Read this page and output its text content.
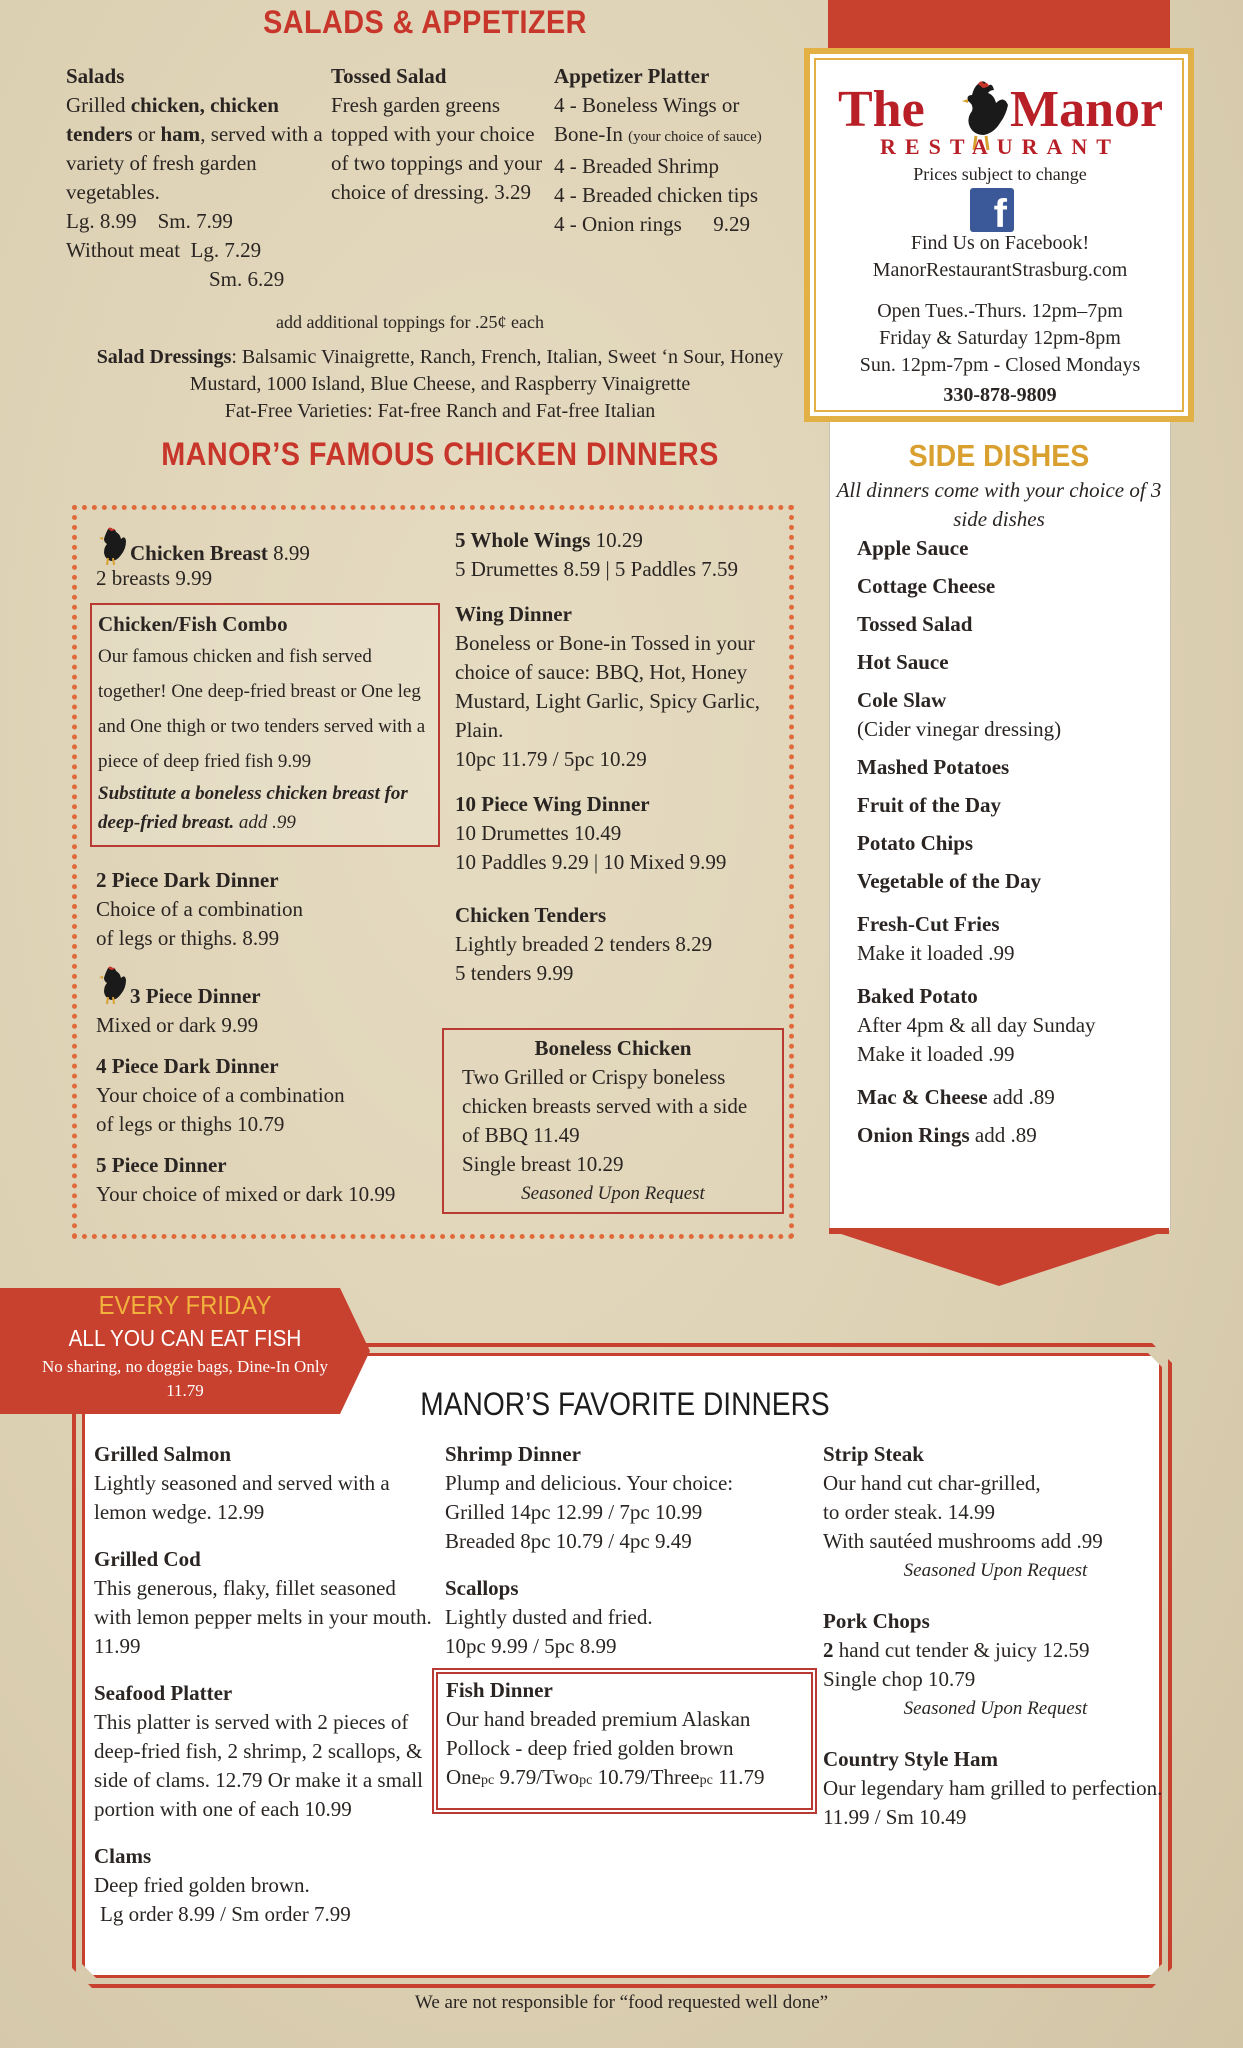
SALADS & APPETIZER
Salads
Grilled chicken, chicken tenders or ham, served with a variety of fresh garden vegetables.
Lg. 8.99    Sm. 7.99
Without meat  Lg. 7.29
Sm. 6.29
Tossed Salad
Fresh garden greens topped with your choice of two toppings and your choice of dressing. 3.29
Appetizer Platter
4 - Boneless Wings or
Bone-In (your choice of sauce)
4 - Breaded Shrimp
4 - Breaded chicken tips
4 - Onion rings      9.29
add additional toppings for .25¢ each
Salad Dressings: Balsamic Vinaigrette, Ranch, French, Italian, Sweet ‘n Sour, Honey Mustard, 1000 Island, Blue Cheese, and Raspberry Vinaigrette
Fat-Free Varieties: Fat-free Ranch and Fat-free Italian
The Manor
RESTAURANT
Prices subject to change
f
Find Us on Facebook!
ManorRestaurantStrasburg.com
Open Tues.-Thurs. 12pm–7pm
Friday & Saturday 12pm-8pm
Sun. 12pm-7pm - Closed Mondays
330-878-9809
SIDE DISHES
All dinners come with your choice of 3 side dishes
Apple Sauce
Cottage Cheese
Tossed Salad
Hot Sauce
Cole Slaw
(Cider vinegar dressing)
Mashed Potatoes
Fruit of the Day
Potato Chips
Vegetable of the Day
Fresh-Cut Fries
Make it loaded .99
Baked Potato
After 4pm & all day Sunday
Make it loaded .99
Mac & Cheese add .89
Onion Rings add .89
MANOR’S FAMOUS CHICKEN DINNERS
Chicken Breast 8.99
2 breasts 9.99
Chicken/Fish Combo
Our famous chicken and fish served together! One deep-fried breast or One leg and One thigh or two tenders served with a piece of deep fried fish 9.99
Substitute a boneless chicken breast for deep-fried breast. add .99
2 Piece Dark Dinner
Choice of a combination
of legs or thighs. 8.99
3 Piece Dinner
Mixed or dark 9.99
4 Piece Dark Dinner
Your choice of a combination
of legs or thighs 10.79
5 Piece Dinner
Your choice of mixed or dark 10.99
5 Whole Wings 10.29
5 Drumettes 8.59 | 5 Paddles 7.59
Wing Dinner
Boneless or Bone-in Tossed in your choice of sauce: BBQ, Hot, Honey Mustard, Light Garlic, Spicy Garlic, Plain.
10pc 11.79 / 5pc 10.29
10 Piece Wing Dinner
10 Drumettes 10.49
10 Paddles 9.29 | 10 Mixed 9.99
Chicken Tenders
Lightly breaded 2 tenders 8.29
5 tenders 9.99
Boneless Chicken
Two Grilled or Crispy boneless chicken breasts served with a side of BBQ 11.49
Single breast 10.29
Seasoned Upon Request
EVERY FRIDAY
ALL YOU CAN EAT FISH
No sharing, no doggie bags, Dine-In Only
11.79	MANOR’S FAVORITE DINNERS
Grilled Salmon
Lightly seasoned and served with a lemon wedge. 12.99
Grilled Cod
This generous, flaky, fillet seasoned with lemon pepper melts in your mouth. 11.99
Seafood Platter
This platter is served with 2 pieces of deep-fried fish, 2 shrimp, 2 scallops, & side of clams. 12.79 Or make it a small portion with one of each 10.99
Clams
Deep fried golden brown.
Lg order 8.99 / Sm order 7.99
Shrimp Dinner
Plump and delicious. Your choice:
Grilled 14pc 12.99 / 7pc 10.99
Breaded 8pc 10.79 / 4pc 9.49
Scallops
Lightly dusted and fried.
10pc 9.99 / 5pc 8.99
Fish Dinner
Our hand breaded premium Alaskan Pollock - deep fried golden brown
Onepc 9.79/Twopc 10.79/Threepc 11.79
Strip Steak
Our hand cut char-grilled,
to order steak. 14.99
With sautéed mushrooms add .99
Seasoned Upon Request
Pork Chops
2 hand cut tender & juicy 12.59
Single chop 10.79
Seasoned Upon Request
Country Style Ham
Our legendary ham grilled to perfection. 11.99 / Sm 10.49
We are not responsible for “food requested well done”
